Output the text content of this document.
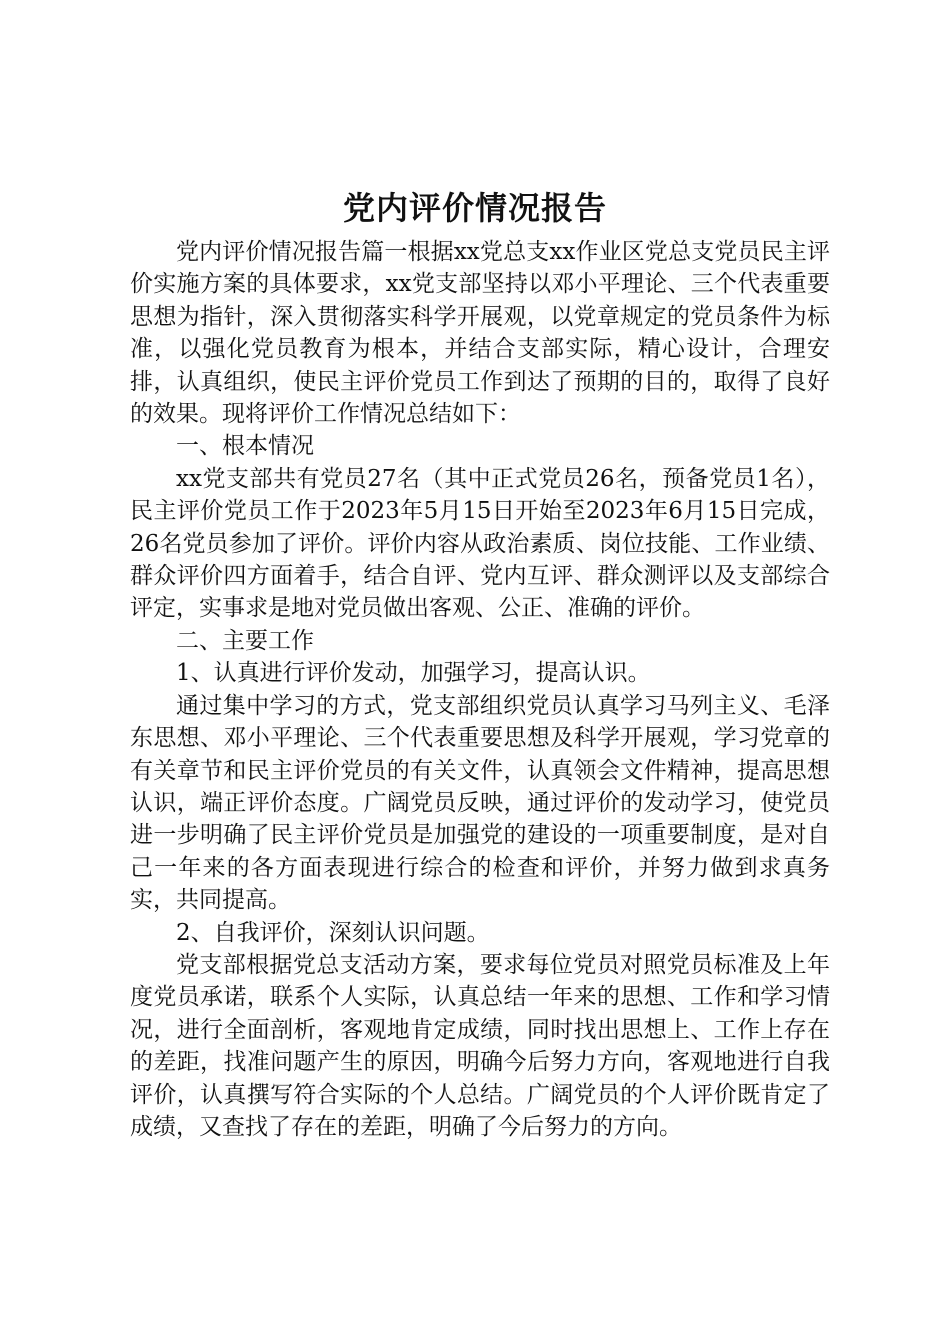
党内评价情况报告

党内评价情况报告篇一根据xx党总支xx作业区党总支党员民主评价实施方案的具体要求，xx党支部坚持以邓小平理论、三个代表重要思想为指针，深入贯彻落实科学开展观，以党章规定的党员条件为标准，以强化党员教育为根本，并结合支部实际，精心设计，合理安排，认真组织，使民主评价党员工作到达了预期的目的，取得了良好的效果。现将评价工作情况总结如下：

一、根本情况

xx党支部共有党员27名（其中正式党员26名，预备党员1名），民主评价党员工作于2023年5月15日开始至2023年6月15日完成，26名党员参加了评价。评价内容从政治素质、岗位技能、工作业绩、群众评价四方面着手，结合自评、党内互评、群众测评以及支部综合评定，实事求是地对党员做出客观、公正、准确的评价。

二、主要工作

1、认真进行评价发动，加强学习，提高认识。

通过集中学习的方式，党支部组织党员认真学习马列主义、毛泽东思想、邓小平理论、三个代表重要思想及科学开展观，学习党章的有关章节和民主评价党员的有关文件，认真领会文件精神，提高思想认识，端正评价态度。广阔党员反映，通过评价的发动学习，使党员进一步明确了民主评价党员是加强党的建设的一项重要制度，是对自己一年来的各方面表现进行综合的检查和评价，并努力做到求真务实，共同提高。

2、自我评价，深刻认识问题。

党支部根据党总支活动方案，要求每位党员对照党员标准及上年度党员承诺，联系个人实际，认真总结一年来的思想、工作和学习情况，进行全面剖析，客观地肯定成绩，同时找出思想上、工作上存在的差距，找准问题产生的原因，明确今后努力方向，客观地进行自我评价，认真撰写符合实际的个人总结。广阔党员的个人评价既肯定了成绩，又查找了存在的差距，明确了今后努力的方向。
